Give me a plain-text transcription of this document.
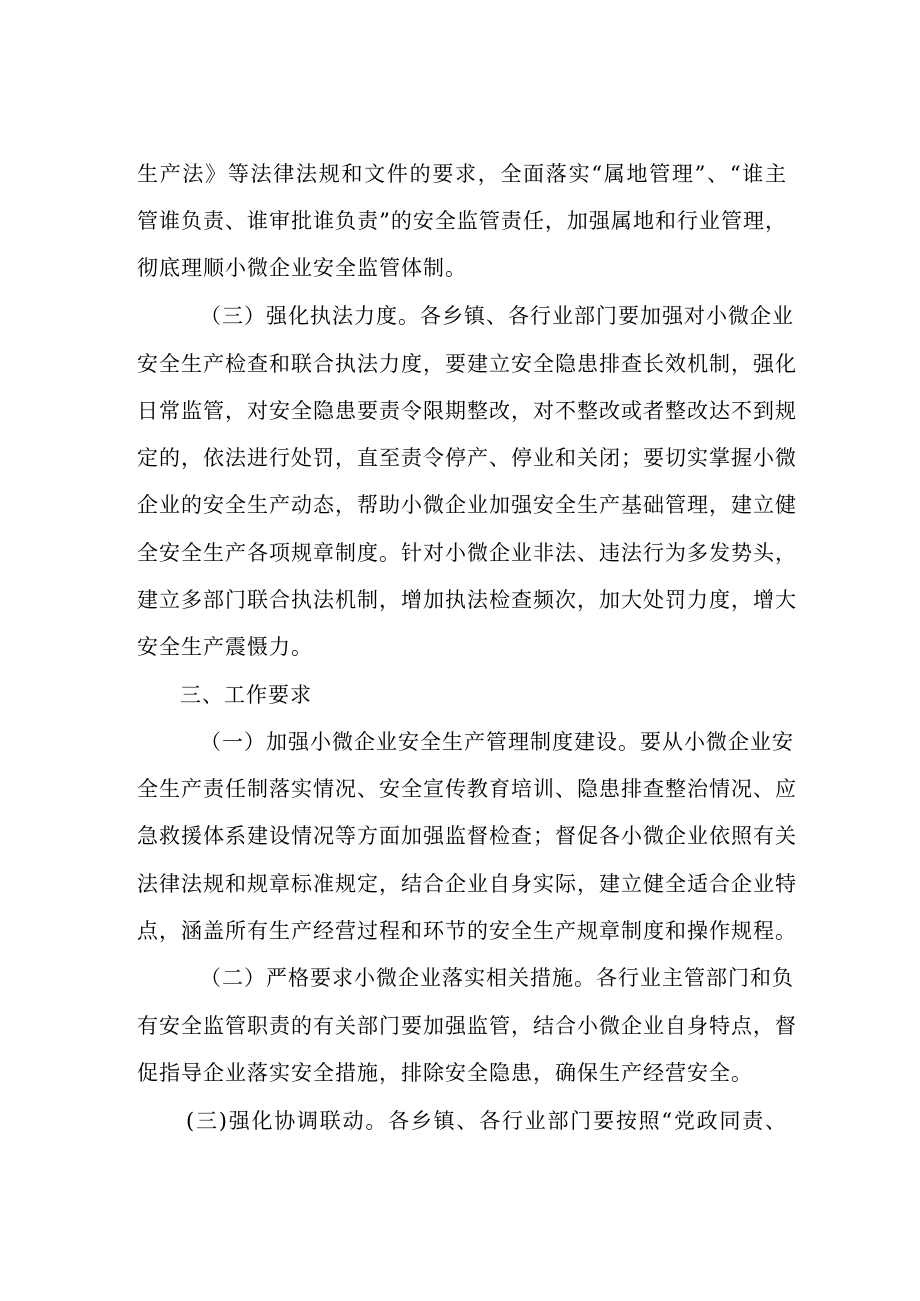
生产法》等法律法规和文件的要求，全面落实“属地管理”、“谁主
管谁负责、谁审批谁负责”的安全监管责任，加强属地和行业管理，
彻底理顺小微企业安全监管体制。
（三）强化执法力度。各乡镇、各行业部门要加强对小微企业
安全生产检查和联合执法力度，要建立安全隐患排查长效机制，强化
日常监管，对安全隐患要责令限期整改，对不整改或者整改达不到规
定的，依法进行处罚，直至责令停产、停业和关闭；要切实掌握小微
企业的安全生产动态，帮助小微企业加强安全生产基础管理，建立健
全安全生产各项规章制度。针对小微企业非法、违法行为多发势头，
建立多部门联合执法机制，增加执法检查频次，加大处罚力度，增大
安全生产震慑力。
三、工作要求
（一）加强小微企业安全生产管理制度建设。要从小微企业安
全生产责任制落实情况、安全宣传教育培训、隐患排查整治情况、应
急救援体系建设情况等方面加强监督检查；督促各小微企业依照有关
法律法规和规章标准规定，结合企业自身实际，建立健全适合企业特
点，涵盖所有生产经营过程和环节的安全生产规章制度和操作规程。
（二）严格要求小微企业落实相关措施。各行业主管部门和负
有安全监管职责的有关部门要加强监管，结合小微企业自身特点，督
促指导企业落实安全措施，排除安全隐患，确保生产经营安全。
(三)强化协调联动。各乡镇、各行业部门要按照“党政同责、
